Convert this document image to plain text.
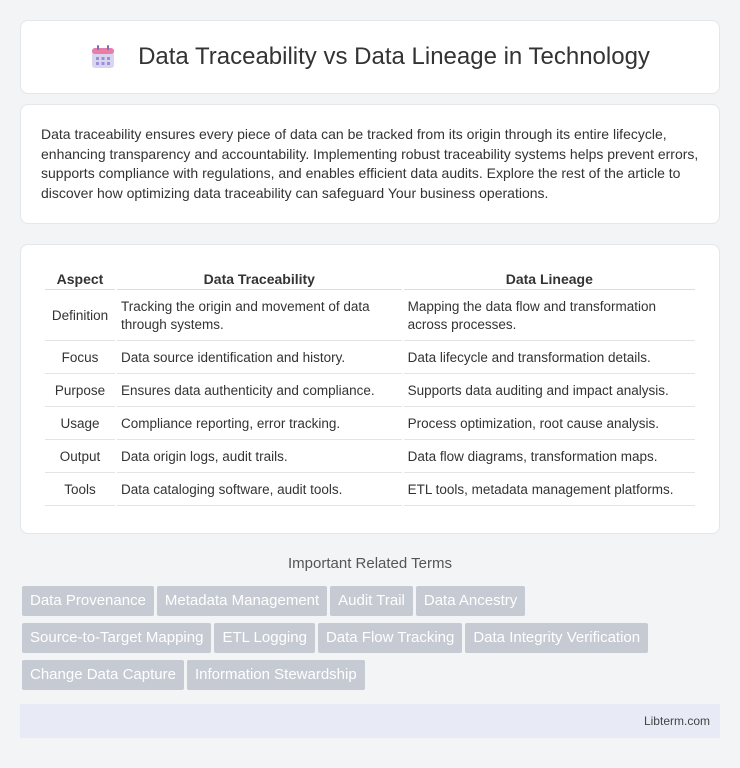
Data Traceability vs Data Lineage in Technology

Data traceability ensures every piece of data can be tracked from its origin through its entire lifecycle, enhancing transparency and accountability. Implementing robust traceability systems helps prevent errors, supports compliance with regulations, and enables efficient data audits. Explore the rest of the article to discover how optimizing data traceability can safeguard Your business operations.

Aspect	Data Traceability	Data Lineage
Definition	Tracking the origin and movement of data through systems.	Mapping the data flow and transformation across processes.
Focus	Data source identification and history.	Data lifecycle and transformation details.
Purpose	Ensures data authenticity and compliance.	Supports data auditing and impact analysis.
Usage	Compliance reporting, error tracking.	Process optimization, root cause analysis.
Output	Data origin logs, audit trails.	Data flow diagrams, transformation maps.
Tools	Data cataloging software, audit tools.	ETL tools, metadata management platforms.
Important Related Terms
Data Provenance Metadata Management Audit Trail Data Ancestry
Source-to-Target Mapping ETL Logging Data Flow Tracking Data Integrity Verification
Change Data Capture Information Stewardship
Libterm.com
